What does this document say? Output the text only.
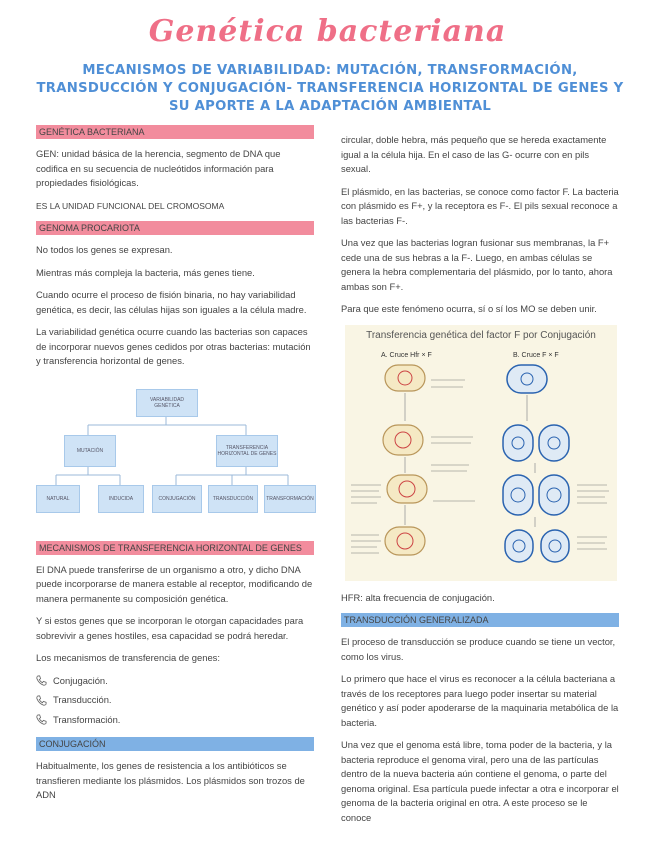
Genética bacteriana
MECANISMOS DE VARIABILIDAD: MUTACIÓN, TRANSFORMACIÓN, TRANSDUCCIÓN Y CONJUGACIÓN- TRANSFERENCIA HORIZONTAL DE GENES Y SU APORTE A LA ADAPTACIÓN AMBIENTAL
GENÉTICA BACTERIANA

GEN: unidad básica de la herencia, segmento de DNA que codifica en su secuencia de nucleótidos información para propiedades fisiológicas.

ES LA UNIDAD FUNCIONAL DEL CROMOSOMA

GENOMA PROCARIOTA

No todos los genes se expresan.

Mientras más compleja la bacteria, más genes tiene.

Cuando ocurre el proceso de fisión binaria, no hay variabilidad genética, es decir, las células hijas son iguales a la célula madre.

La variabilidad genética ocurre cuando las bacterias son capaces de incorporar nuevos genes cedidos por otras bacterias: mutación y transferencia horizontal de genes.

VARIABILIDAD GENÉTICA
MUTACIÓN	TRANSFERENCIA HORIZONTAL DE GENES
NATURAL	INDUCIDA	CONJUGACIÓN	TRANSDUCCIÓN	TRANSFORMACIÓN
MECANISMOS DE TRANSFERENCIA HORIZONTAL DE GENES

El DNA puede transferirse de un organismo a otro, y dicho DNA puede incorporarse de manera estable al receptor, modificando de manera permanente su composición genética.

Y si estos genes que se incorporan le otorgan capacidades para sobrevivir a genes hostiles, esa capacidad se podrá heredar.

Los mecanismos de transferencia de genes:

Conjugación.
Transducción.
Transformación.
CONJUGACIÓN

Habitualmente, los genes de resistencia a los antibióticos se transfieren mediante los plásmidos. Los plásmidos son trozos de ADN

circular, doble hebra, más pequeño que se hereda exactamente igual a la célula hija. En el caso de las G- ocurre con en pils sexual.

El plásmido, en las bacterias, se conoce como factor F. La bacteria con plásmido es F+, y la receptora es F-. El pils sexual reconoce a las bacterias F-.

Una vez que las bacterias logran fusionar sus membranas, la F+ cede una de sus hebras a la F-. Luego, en ambas células se genera la hebra complementaria del plásmido, por lo tanto, ahora ambas son F+.

Para que este fenómeno ocurra, sí o sí los MO se deben unir.

Transferencia genética del factor F por Conjugación
A. Cruce Hfr × F	B. Cruce F × F

HFR: alta frecuencia de conjugación.

TRANSDUCCIÓN GENERALIZADA

El proceso de transducción se produce cuando se tiene un vector, como los virus.

Lo primero que hace el virus es reconocer a la célula bacteriana a través de los receptores para luego poder insertar su material genético y así poder apoderarse de la maquinaria metabólica de la bacteria.

Una vez que el genoma está libre, toma poder de la bacteria, y la bacteria reproduce el genoma viral, pero una de las partículas dentro de la nueva bacteria aún contiene el genoma, o parte del genoma original. Esa partícula puede infectar a otra e incorporar el genoma de la bacteria original en otra. A este proceso se le conoce
